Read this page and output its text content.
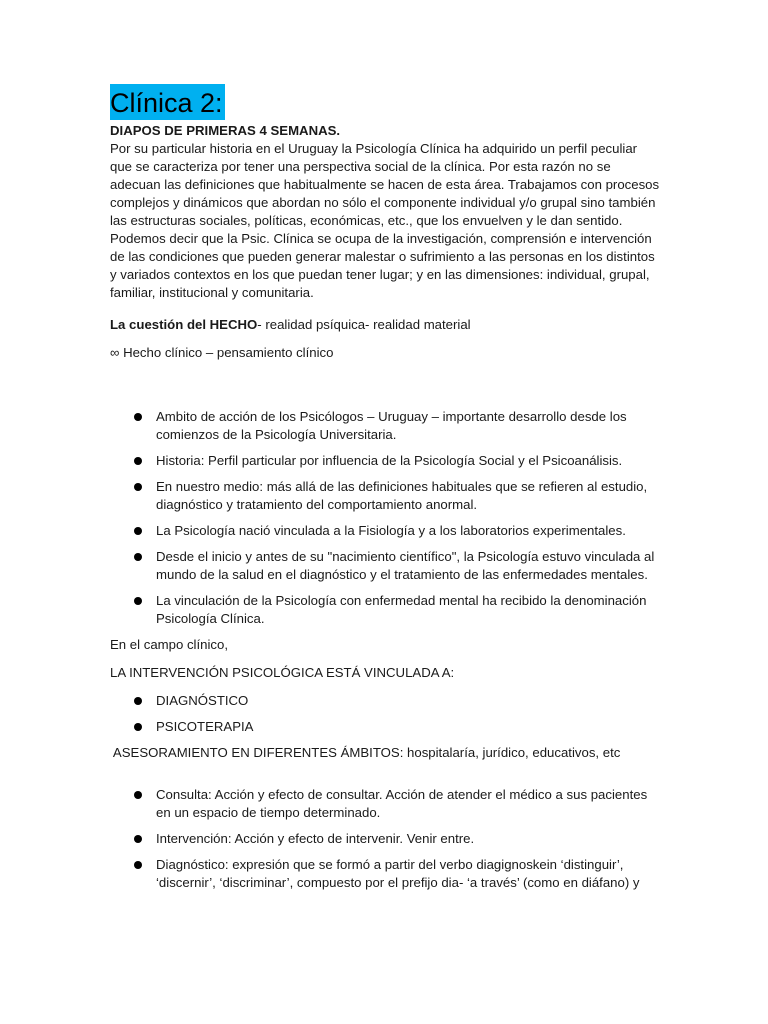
Clínica 2:

DIAPOS DE PRIMERAS 4 SEMANAS.

Por su particular historia en el Uruguay la Psicología Clínica ha adquirido un perfil peculiar que se caracteriza por tener una perspectiva social de la clínica. Por esta razón no se adecuan las definiciones que habitualmente se hacen de esta área. Trabajamos con procesos complejos y dinámicos que abordan no sólo el componente individual y/o grupal sino también las estructuras sociales, políticas, económicas, etc., que los envuelven y le dan sentido.

Podemos decir que la Psic. Clínica se ocupa de la investigación, comprensión e intervención de las condiciones que pueden generar malestar o sufrimiento a las personas en los distintos y variados contextos en los que puedan tener lugar; y en las dimensiones: individual, grupal, familiar, institucional y comunitaria.

La cuestión del HECHO- realidad psíquica- realidad material

∞ Hecho clínico – pensamiento clínico

Ambito de acción de los Psicólogos – Uruguay – importante desarrollo desde los comienzos de la Psicología Universitaria.
Historia: Perfil particular por influencia de la Psicología Social y el Psicoanálisis.
En nuestro medio: más allá de las definiciones habituales que se refieren al estudio, diagnóstico y tratamiento del comportamiento anormal.
La Psicología nació vinculada a la Fisiología y a los laboratorios experimentales.
Desde el inicio y antes de su "nacimiento científico", la Psicología estuvo vinculada al mundo de la salud en el diagnóstico y el tratamiento de las enfermedades mentales.
La vinculación de la Psicología con enfermedad mental ha recibido la denominación Psicología Clínica.

En el campo clínico,

LA INTERVENCIÓN PSICOLÓGICA ESTÁ VINCULADA A:

DIAGNÓSTICO
PSICOTERAPIA

ASESORAMIENTO EN DIFERENTES ÁMBITOS: hospitalaría, jurídico, educativos, etc

Consulta: Acción y efecto de consultar. Acción de atender el médico a sus pacientes en un espacio de tiempo determinado.
Intervención: Acción y efecto de intervenir. Venir entre.
Diagnóstico: expresión que se formó a partir del verbo diagignoskein ‘distinguir’, ‘discernir’, ‘discriminar’, compuesto por el prefijo dia- ‘a través’ (como en diáfano) y
